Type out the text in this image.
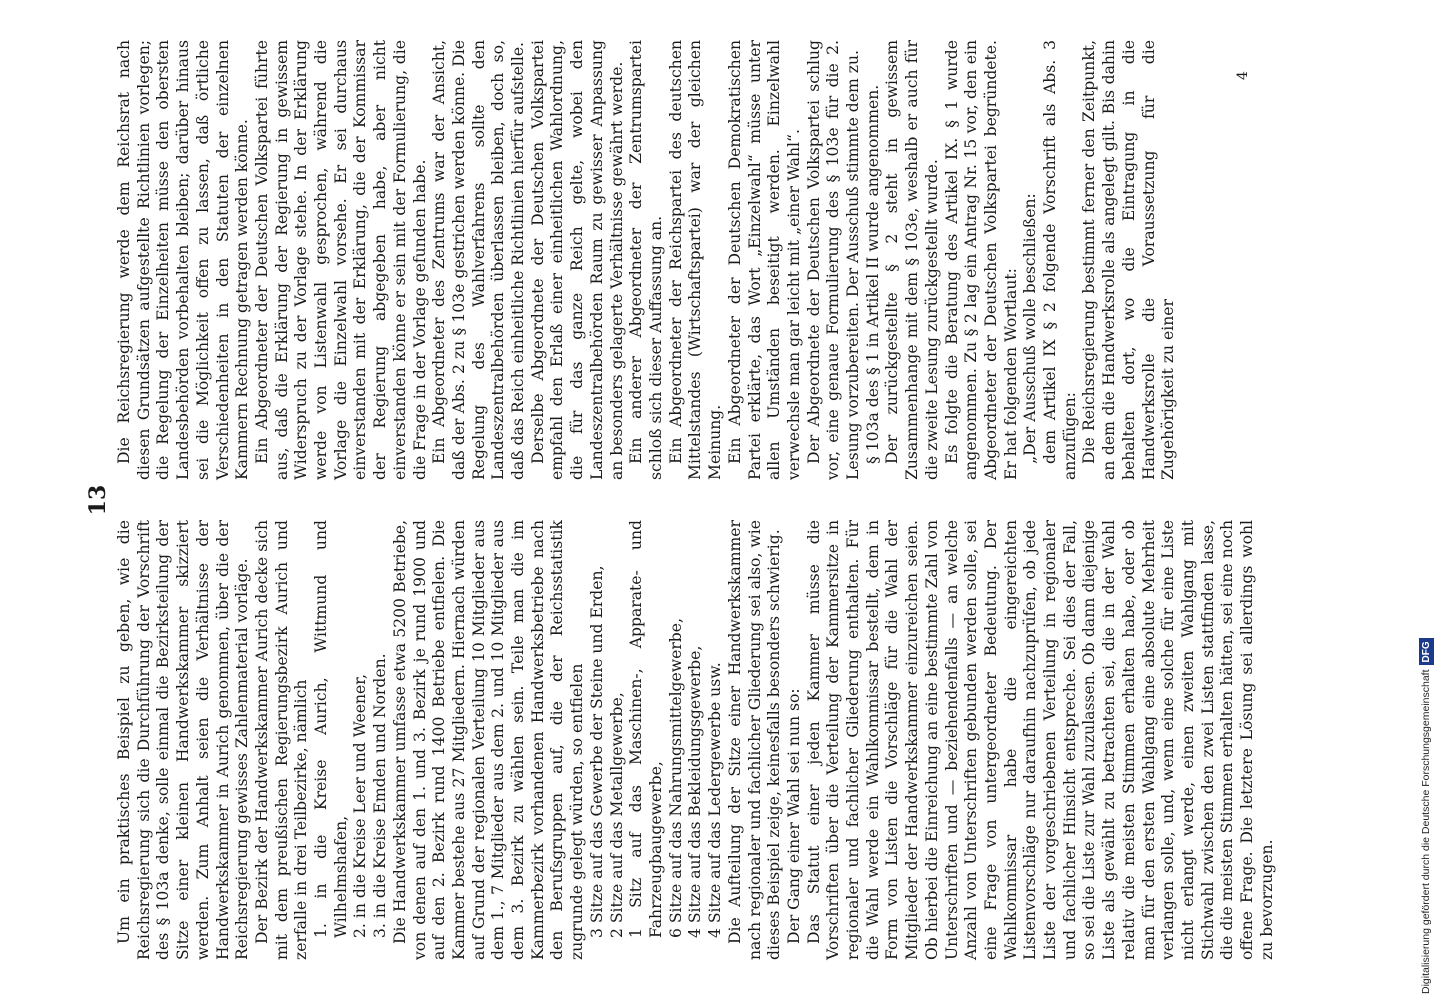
13

Um ein praktisches Beispiel zu geben, wie die Reichsregierung sich die Durchführung der Vorschrift des § 103a denke, solle einmal die Bezirksteilung der Sitze einer kleinen Handwerkskammer skizziert werden. Zum Anhalt seien die Verhältnisse der Handwerkskammer in Aurich genommen, über die der Reichsregierung gewisses Zahlenmaterial vorläge. Der Bezirk der Handwerkskammer Aurich decke sich mit dem preußischen Regierungsbezirk Aurich und zerfalle in drei Teilbezirke, nämlich 1. in die Kreise Aurich, Wittmund und Wilhelmshafen, 2. in die Kreise Leer und Weener, 3. in die Kreise Emden und Norden. Die Handwerkskammer umfasse etwa 5200 Betriebe, von denen auf den 1. und 3. Bezirk je rund 1900 und auf den 2. Bezirk rund 1400 Betriebe entfielen. Die Kammer bestehe aus 27 Mitgliedern. Hiernach würden auf Grund der regionalen Verteilung 10 Mitglieder aus dem 1., 7 Mitglieder aus dem 2. und 10 Mitglieder aus dem 3. Bezirk zu wählen sein. Teile man die im Kammerbezirk vorhandenen Handwerksbetriebe nach den Berufsgruppen auf, die der Reichsstatistik zugrunde gelegt würden, so entfielen 3 Sitze auf das Gewerbe der Steine und Erden, 2 Sitze auf das Metallgewerbe, 1 Sitz auf das Maschinen-, Apparate- und Fahrzeugbaugewerbe, 6 Sitze auf das Nahrungsmittelgewerbe, 4 Sitze auf das Bekleidungsgewerbe, 4 Sitze auf das Ledergewerbe usw. Die Aufteilung der Sitze einer Handwerkskammer nach regionaler und fachlicher Gliederung sei also, wie dieses Beispiel zeige, keinesfalls besonders schwierig. Der Gang einer Wahl sei nun so: Das Statut einer jeden Kammer müsse die Vorschriften über die Verteilung der Kammersitze in regionaler und fachlicher Gliederung enthalten. Für die Wahl werde ein Wahlkommissar bestellt, dem in Form von Listen die Vorschläge für die Wahl der Mitglieder der Handwerkskammer einzureichen seien. Ob hierbei die Einreichung an eine bestimmte Zahl von Unterschriften und — beziehendenfalls — an welche Anzahl von Unterschriften gebunden werden solle, sei eine Frage von untergeordneter Bedeutung. Der Wahlkommissar habe die eingereichten Listenvorschläge nur daraufhin nachzuprüfen, ob jede Liste der vorgeschriebenen Verteilung in regionaler und fachlicher Hinsicht entspreche. Sei dies der Fall, so sei die Liste zur Wahl zuzulassen. Ob dann diejenige Liste als gewählt zu betrachten sei, die in der Wahl relativ die meisten Stimmen erhalten habe, oder ob man für den ersten Wahlgang eine absolute Mehrheit verlangen solle, und, wenn eine solche für eine Liste nicht erlangt werde, einen zweiten Wahlgang mit Stichwahl zwischen den zwei Listen stattfinden lasse, die die meisten Stimmen erhalten hätten, sei eine noch offene Frage. Die letztere Lösung sei allerdings wohl zu bevorzugen.

Die Reichsregierung werde dem Reichsrat nach diesen Grundsätzen aufgestellte Richtlinien vorlegen; die Regelung der Einzelheiten müsse den obersten Landesbehörden vorbehalten bleiben; darüber hinaus sei die Möglichkeit offen zu lassen, daß örtliche Verschiedenheiten in den Statuten der einzelnen Kammern Rechnung getragen werden könne. Ein Abgeordneter der Deutschen Volkspartei führte aus, daß die Erklärung der Regierung in gewissem Widerspruch zu der Vorlage stehe. In der Erklärung werde von Listenwahl gesprochen, während die Vorlage die Einzelwahl vorsehe. Er sei durchaus einverstanden mit der Erklärung, die der Kommissar der Regierung abgegeben habe, aber nicht einverstanden könne er sein mit der Formulierung, die die Frage in der Vorlage gefunden habe. Ein Abgeordneter des Zentrums war der Ansicht, daß der Abs. 2 zu § 103e gestrichen werden könne. Die Regelung des Wahlverfahrens sollte den Landeszentralbehörden überlassen bleiben, doch so, daß das Reich einheitliche Richtlinien hierfür aufstelle. Derselbe Abgeordnete der Deutschen Volkspartei empfahl den Erlaß einer einheitlichen Wahlordnung, die für das ganze Reich gelte, wobei den Landeszentralbehörden Raum zu gewisser Anpassung an besonders gelagerte Verhältnisse gewährt werde. Ein anderer Abgeordneter der Zentrumspartei schloß sich dieser Auffassung an. Ein Abgeordneter der Reichspartei des deutschen Mittelstandes (Wirtschaftspartei) war der gleichen Meinung. Ein Abgeordneter der Deutschen Demokratischen Partei erklärte, das Wort „Einzelwahl“ müsse unter allen Umständen beseitigt werden. Einzelwahl verwechsle man gar leicht mit „einer Wahl“. Der Abgeordnete der Deutschen Volkspartei schlug vor, eine genaue Formulierung des § 103e für die 2. Lesung vorzubereiten. Der Ausschuß stimmte dem zu. § 103a des § 1 in Artikel II wurde angenommen. Der zurückgestellte § 2 steht in gewissem Zusammenhange mit dem § 103e, weshalb er auch für die zweite Lesung zurückgestellt wurde. Es folgte die Beratung des Artikel IX. § 1 wurde angenommen. Zu § 2 lag ein Antrag Nr. 15 vor, den ein Abgeordneter der Deutschen Volkspartei begründete. Er hat folgenden Wortlaut: „Der Ausschuß wolle beschließen: dem Artikel IX § 2 folgende Vorschrift als Abs. 3 anzufügen: Die Reichsregierung bestimmt ferner den Zeitpunkt, an dem die Handwerksrolle als angelegt gilt. Bis dahin behalten dort, wo die Eintragung in die Handwerksrolle die Voraussetzung für die Zugehörigkeit zu einer

4
Digitalisierung gefördert durch die Deutsche ForschungsgemeinschaftDFG
